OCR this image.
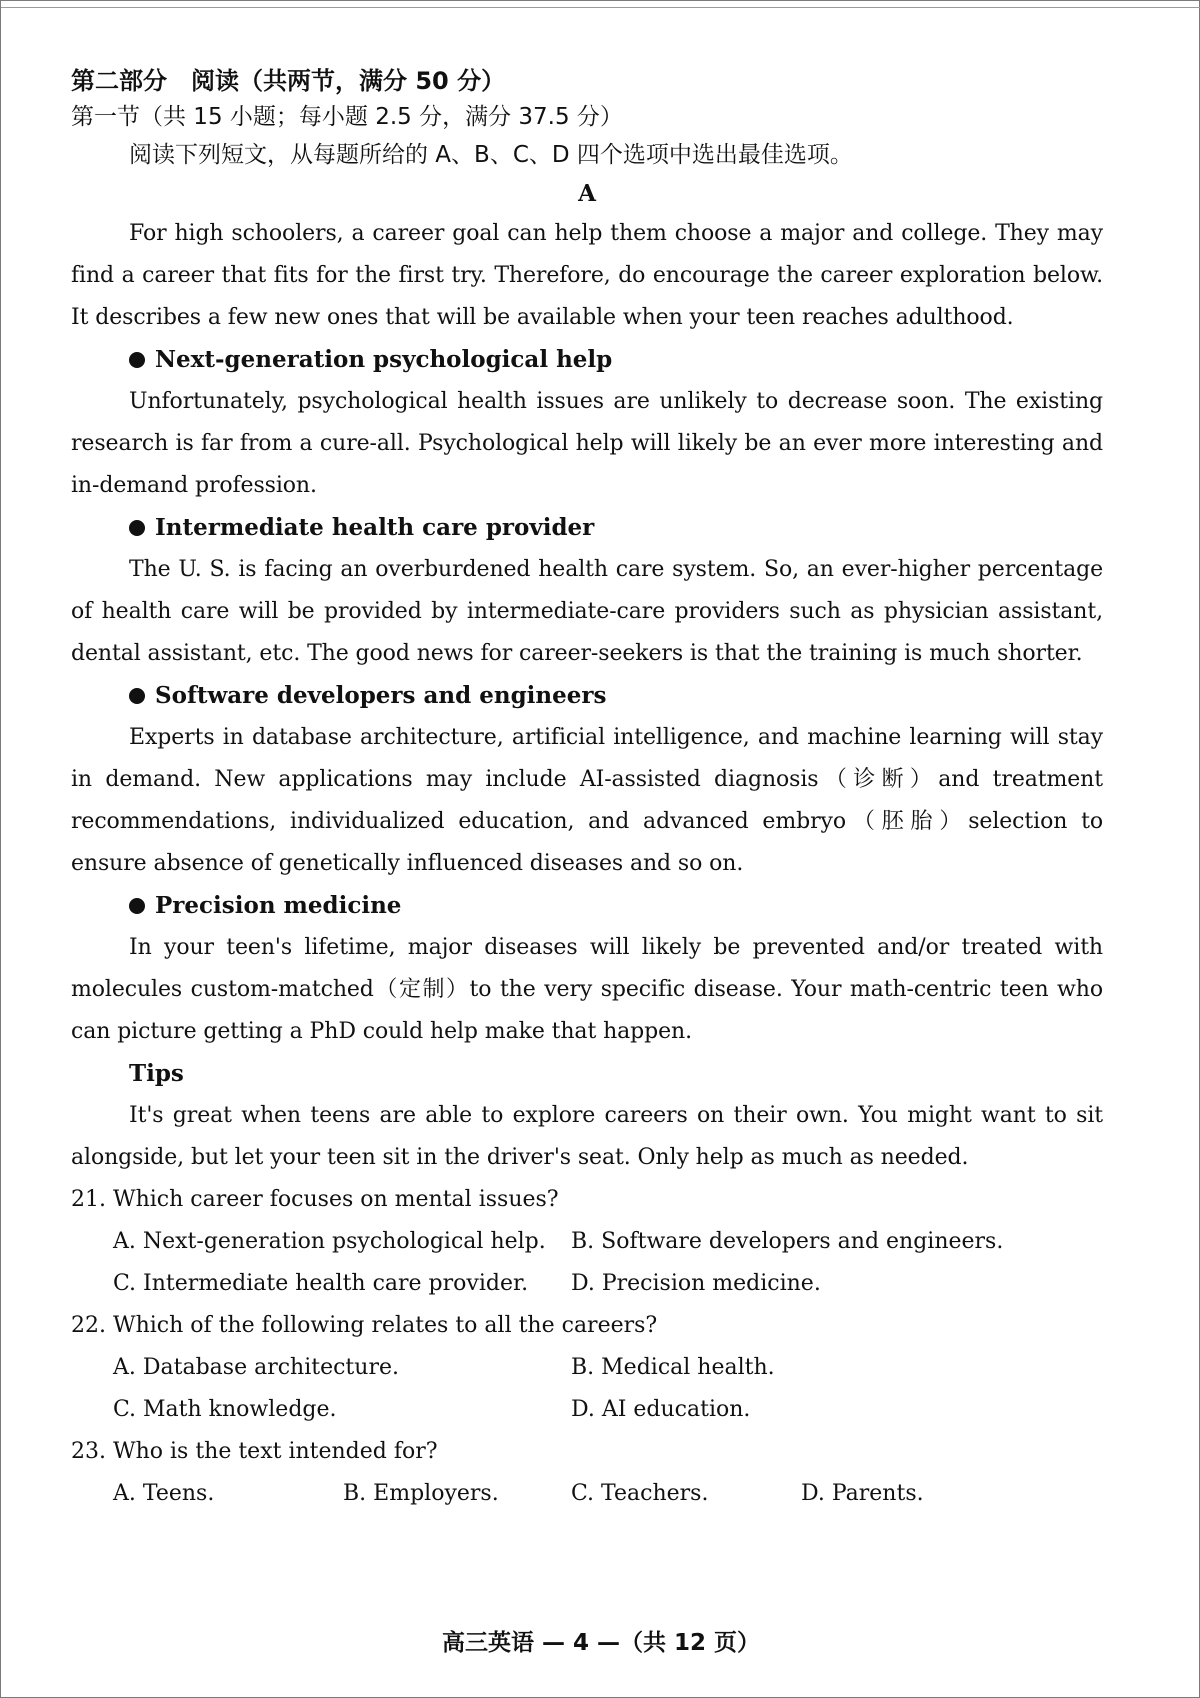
第二部分　阅读（共两节，满分 50 分）
第一节（共 15 小题；每小题 2.5 分，满分 37.5 分）
阅读下列短文，从每题所给的 A、B、C、D 四个选项中选出最佳选项。
A

For high schoolers, a career goal can help them choose a major and college. They may find a career that fits for the first try. Therefore, do encourage the career exploration below. It describes a few new ones that will be available when your teen reaches adulthood.

Next-generation psychological help

Unfortunately, psychological health issues are unlikely to decrease soon. The existing research is far from a cure-all. Psychological help will likely be an ever more interesting and in-demand profession.

Intermediate health care provider

The U. S. is facing an overburdened health care system. So, an ever-higher percentage of health care will be provided by intermediate-care providers such as physician assistant, dental assistant, etc. The good news for career-seekers is that the training is much shorter.

Software developers and engineers

Experts in database architecture, artificial intelligence, and machine learning will stay in demand. New applications may include AI-assisted diagnosis（诊断）and treatment recommendations, individualized education, and advanced embryo（胚胎）selection to ensure absence of genetically influenced diseases and so on.

Precision medicine

In your teen's lifetime, major diseases will likely be prevented and/or treated with molecules custom-matched（定制）to the very specific disease. Your math-centric teen who can picture getting a PhD could help make that happen.

Tips

It's great when teens are able to explore careers on their own. You might want to sit alongside, but let your teen sit in the driver's seat. Only help as much as needed.

21. Which career focuses on mental issues?
A. Next-generation psychological help. B. Software developers and engineers.
C. Intermediate health care provider. D. Precision medicine.
22. Which of the following relates to all the careers?
A. Database architecture.	B. Medical health.
C. Math knowledge.	D. AI education.
23. Who is the text intended for?
A. Teens.	B. Employers.	C. Teachers.	D. Parents.
高三英语 — 4 —（共 12 页）
